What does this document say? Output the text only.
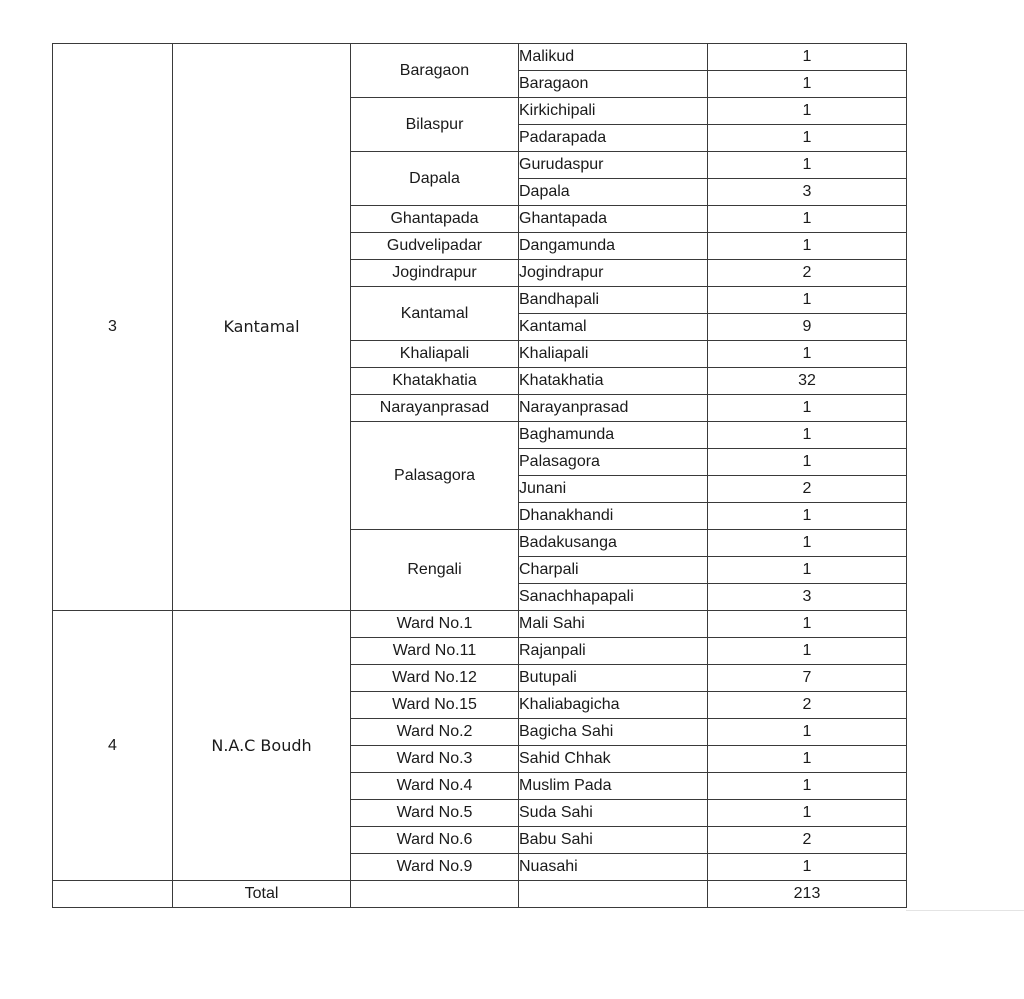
3	Kantamal	Baragaon	Malikud	1
			Baragaon	1
		Bilaspur	Kirkichipali	1
			Padarapada	1
		Dapala	Gurudaspur	1
			Dapala	3
		Ghantapada	Ghantapada	1
		Gudvelipadar	Dangamunda	1
		Jogindrapur	Jogindrapur	2
		Kantamal	Bandhapali	1
			Kantamal	9
		Khaliapali	Khaliapali	1
		Khatakhatia	Khatakhatia	32
		Narayanprasad	Narayanprasad	1
		Palasagora	Baghamunda	1
			Palasagora	1
			Junani	2
			Dhanakhandi	1
		Rengali	Badakusanga	1
			Charpali	1
			Sanachhapapali	3
4	N.A.C Boudh	Ward No.1	Mali Sahi	1
		Ward No.11	Rajanpali	1
		Ward No.12	Butupali	7
		Ward No.15	Khaliabagicha	2
		Ward No.2	Bagicha Sahi	1
		Ward No.3	Sahid Chhak	1
		Ward No.4	Muslim Pada	1
		Ward No.5	Suda Sahi	1
		Ward No.6	Babu Sahi	2
		Ward No.9	Nuasahi	1
	Total			213
